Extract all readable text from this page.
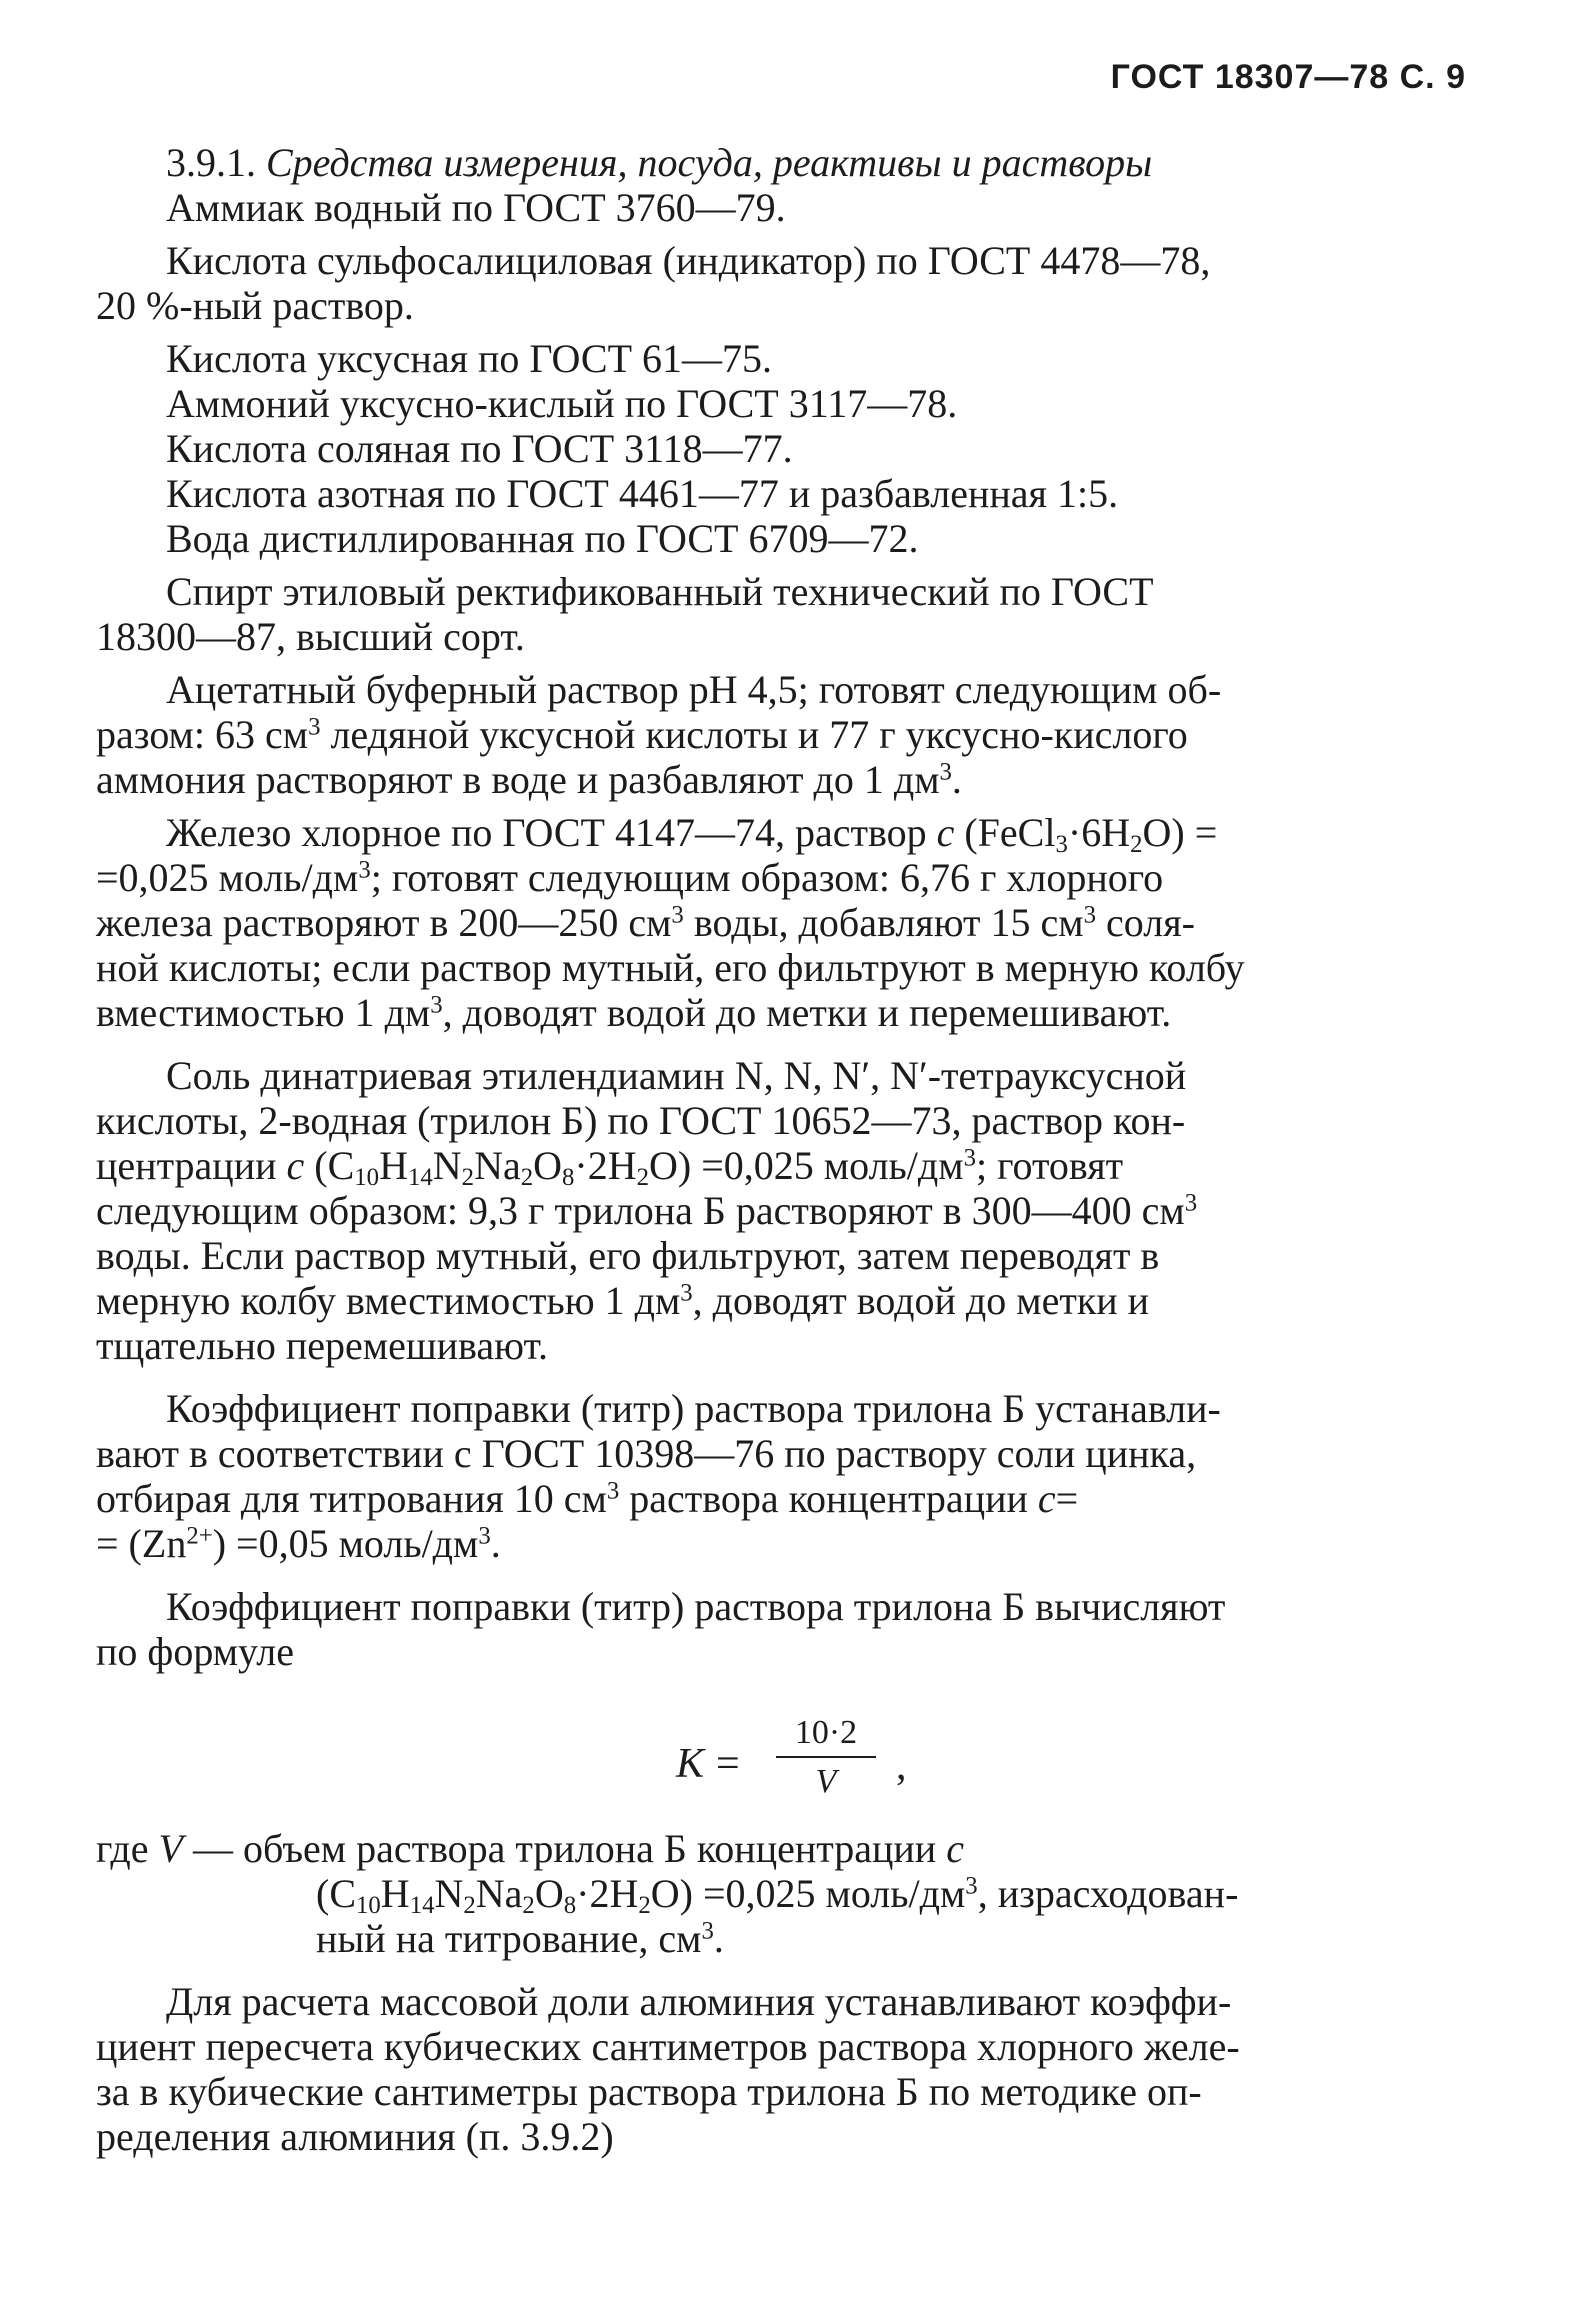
ГОСТ 18307—78 С. 9
3.9.1. Средства измерения, посуда, реактивы и растворы
Аммиак водный по ГОСТ 3760—79.
Кислота сульфосалициловая (индикатор) по ГОСТ 4478—78,
20 %-ный раствор.
Кислота уксусная по ГОСТ 61—75.
Аммоний уксусно-кислый по ГОСТ 3117—78.
Кислота соляная по ГОСТ 3118—77.
Кислота азотная по ГОСТ 4461—77 и разбавленная 1:5.
Вода дистиллированная по ГОСТ 6709—72.
Спирт этиловый ректификованный технический по ГОСТ
18300—87, высший сорт.
Ацетатный буферный раствор pH 4,5; готовят следующим об-
разом: 63 $см^3$ ледяной уксусной кислоты и 77 г уксусно-кислого
аммония растворяют в воде и разбавляют до 1 $дм^3$.
Железо хлорное по ГОСТ 4147—74, раствор c $(FeCl_3\cdot 6H_2O)$ =
=0,025 моль/$дм^3$; готовят следующим образом: 6,76 г хлорного
железа растворяют в 200—250 $см^3$ воды, добавляют 15 $см^3$ соля-
ной кислоты; если раствор мутный, его фильтруют в мерную колбу
вместимостью 1 $дм^3$, доводят водой до метки и перемешивают.
Соль динатриевая этилендиамин N, N, N′, N′-тетрауксусной
кислоты, 2-водная (трилон Б) по ГОСТ 10652—73, раствор кон-
центрации c $(C_{10}H_{14}N_2Na_2O_8\cdot 2H_2O) =0,025$ моль/$дм^3$; готовят
следующим образом: 9,3 г трилона Б растворяют в 300—400 $см^3$
воды. Если раствор мутный, его фильтруют, затем переводят в
мерную колбу вместимостью 1 $дм^3$, доводят водой до метки и
тщательно перемешивают.
Коэффициент поправки (титр) раствора трилона Б устанавли-
вают в соответствии с ГОСТ 10398—76 по раствору соли цинка,
отбирая для титрования 10 $см^3$ раствора концентрации c=
= $(Zn^{2+}) =0,05$ моль/$дм^3$.
Коэффициент поправки (титр) раствора трилона Б вычисляют
по формуле
K =
10·2
V	,
где V — объем раствора трилона Б концентрации c
$(C_{10}H_{14}N_2Na_2O_8\cdot 2H_2O) =0,025$ моль/$дм^3$, израсходован-
ный на титрование, $см^3$.
Для расчета массовой доли алюминия устанавливают коэффи-
циент пересчета кубических сантиметров раствора хлорного желе-
за в кубические сантиметры раствора трилона Б по методике оп-
ределения алюминия (п. 3.9.2)
